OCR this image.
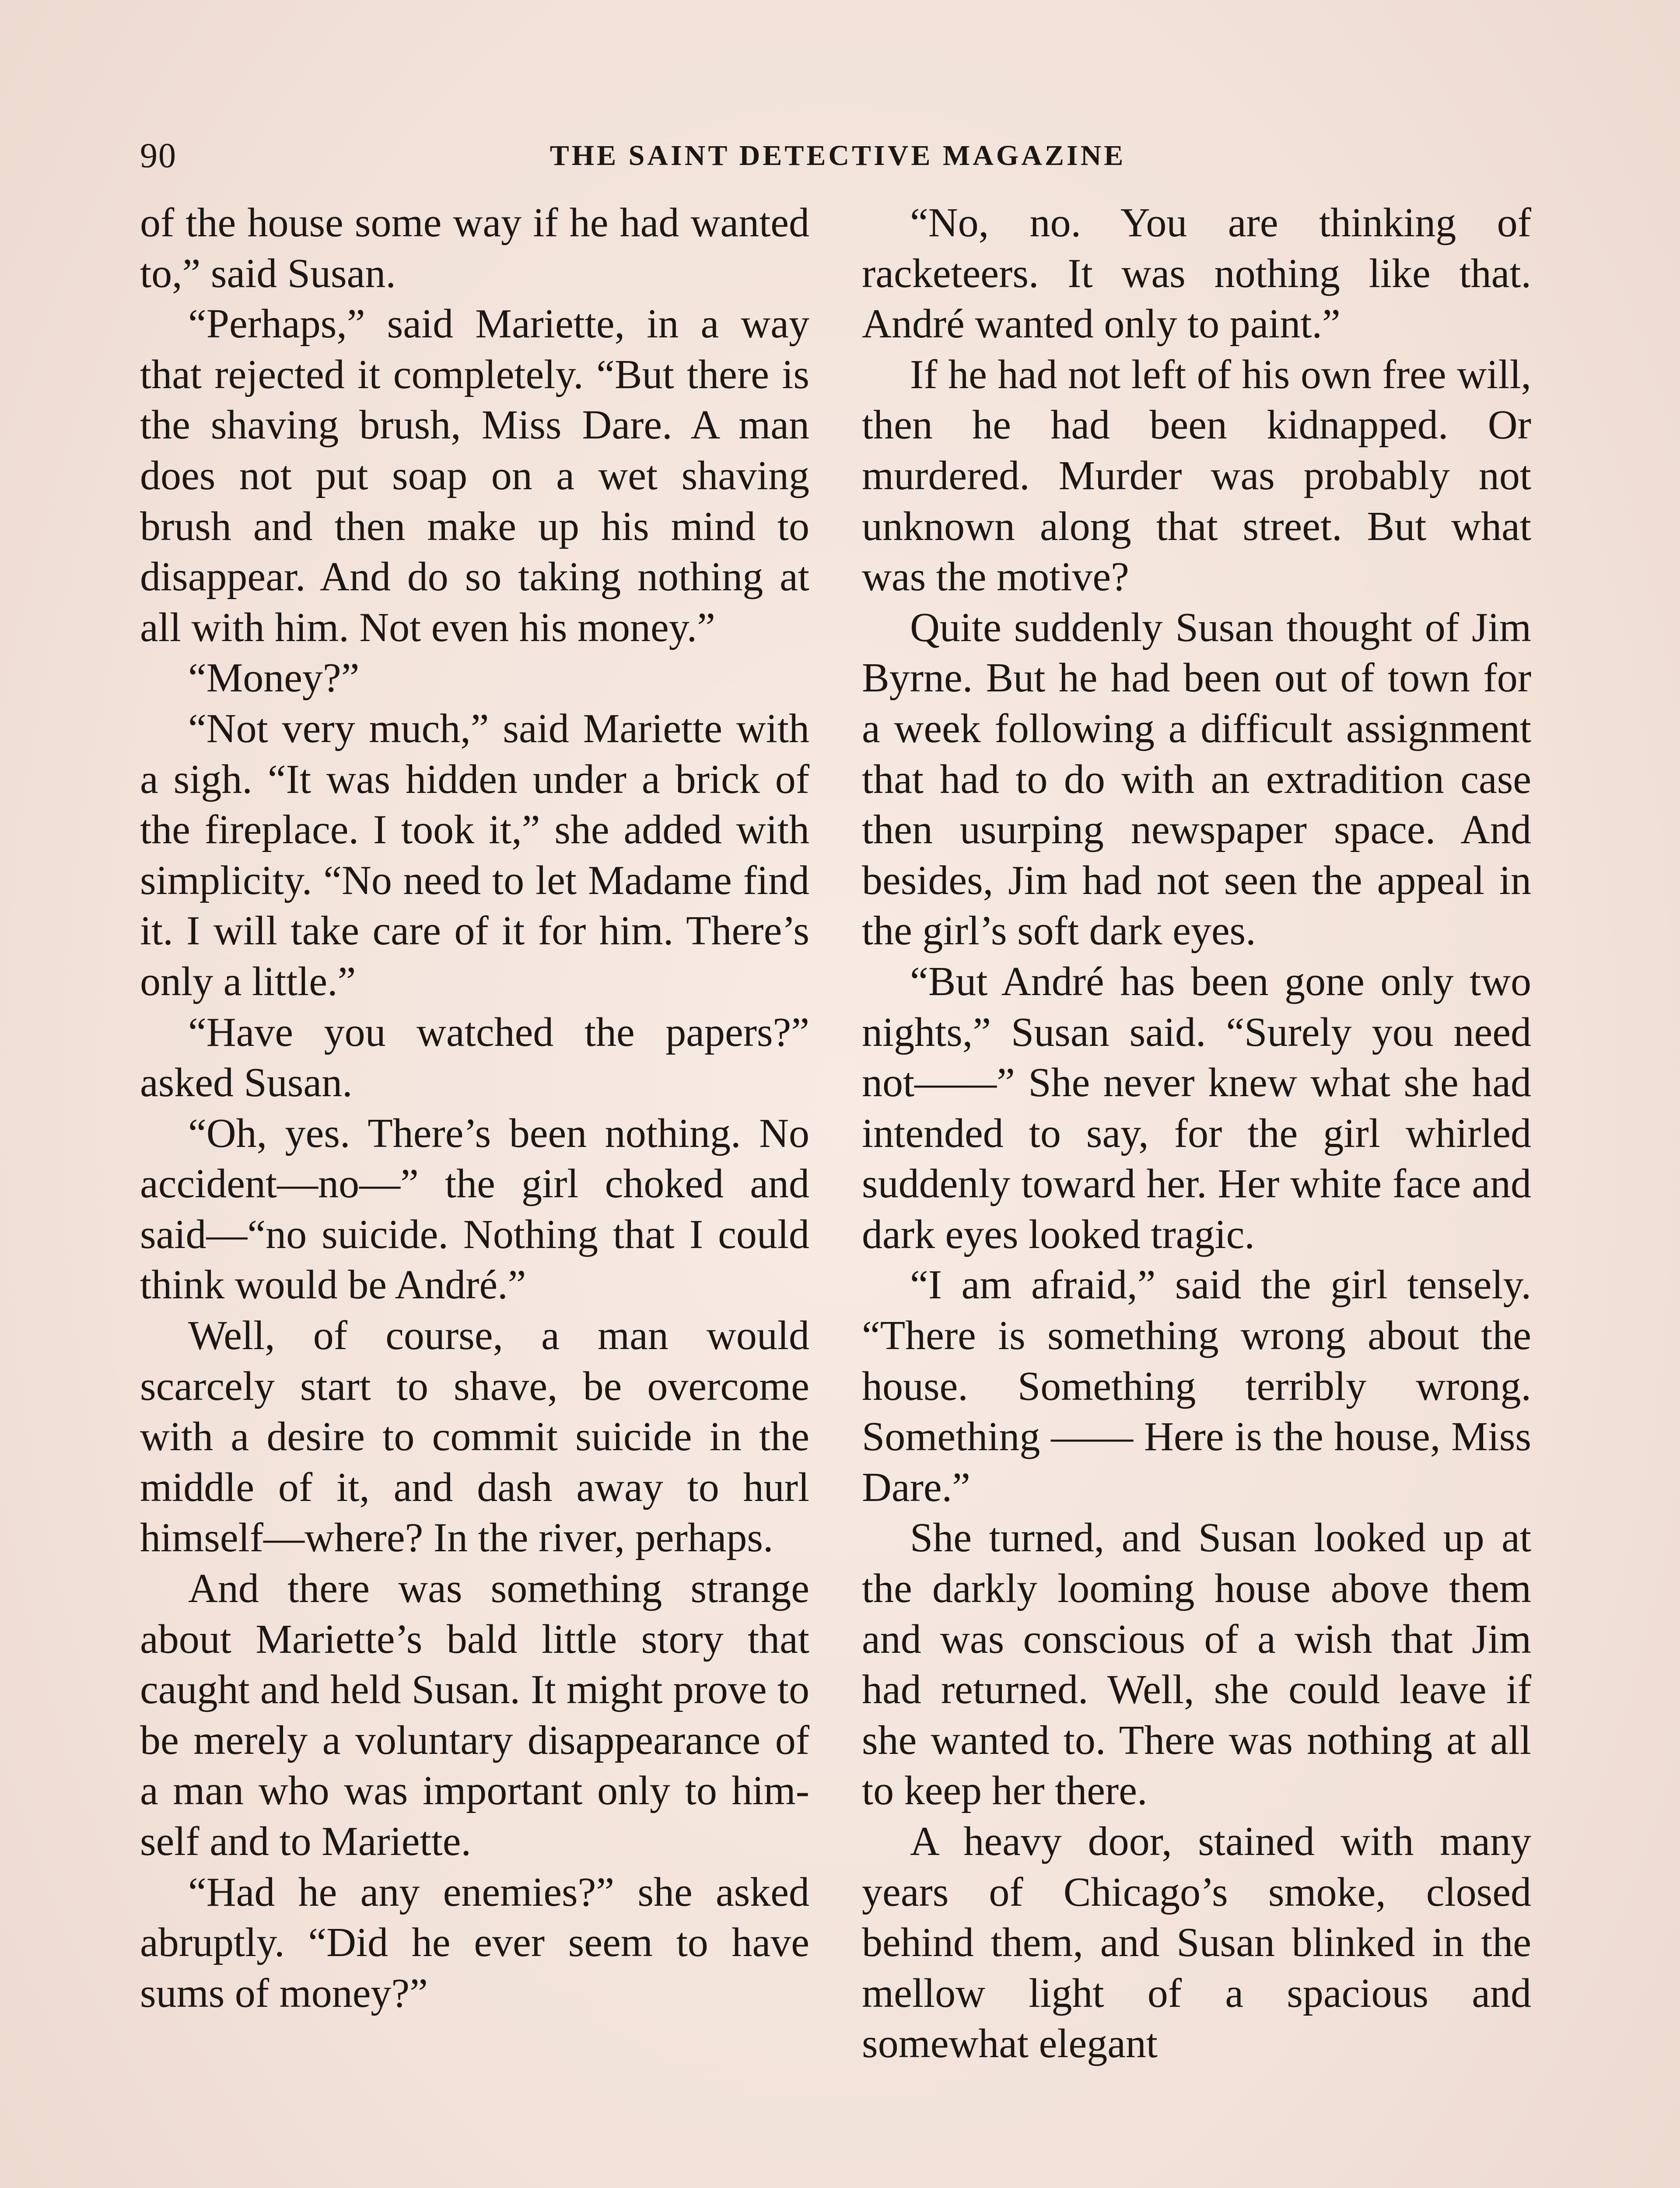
90	THE SAINT DETECTIVE MAGAZINE

of the house some way if he had wanted to,” said Susan.

“Perhaps,” said Mariette, in a way that rejected it completely. “But there is the shaving brush, Miss Dare. A man does not put soap on a wet shaving brush and then make up his mind to disappear. And do so taking nothing at all with him. Not even his money.”

“Money?”

“Not very much,” said Mariette with a sigh. “It was hidden under a brick of the fireplace. I took it,” she added with simplicity. “No need to let Madame find it. I will take care of it for him. There’s only a little.”

“Have you watched the papers?” asked Susan.

“Oh, yes. There’s been nothing. No accident—no—” the girl choked and said—“no suicide. Nothing that I could think would be André.”

Well, of course, a man would scarcely start to shave, be overcome with a desire to commit suicide in the middle of it, and dash away to hurl himself—where? In the river, perhaps.

And there was something strange about Mariette’s bald little story that caught and held Susan. It might prove to be merely a voluntary disappearance of a man who was important only to himself and to Mariette.

“Had he any enemies?” she asked abruptly. “Did he ever seem to have sums of money?”

“No, no. You are thinking of racketeers. It was nothing like that. André wanted only to paint.”

If he had not left of his own free will, then he had been kidnapped. Or murdered. Murder was probably not unknown along that street. But what was the motive?

Quite suddenly Susan thought of Jim Byrne. But he had been out of town for a week following a difficult assignment that had to do with an extradition case then usurping newspaper space. And besides, Jim had not seen the appeal in the girl’s soft dark eyes.

“But André has been gone only two nights,” Susan said. “Surely you need not——” She never knew what she had intended to say, for the girl whirled suddenly toward her. Her white face and dark eyes looked tragic.

“I am afraid,” said the girl tensely. “There is something wrong about the house. Something terribly wrong. Something —— Here is the house, Miss Dare.”

She turned, and Susan looked up at the darkly looming house above them and was conscious of a wish that Jim had returned. Well, she could leave if she wanted to. There was nothing at all to keep her there.

A heavy door, stained with many years of Chicago’s smoke, closed behind them, and Susan blinked in the mellow light of a spacious and somewhat elegant
